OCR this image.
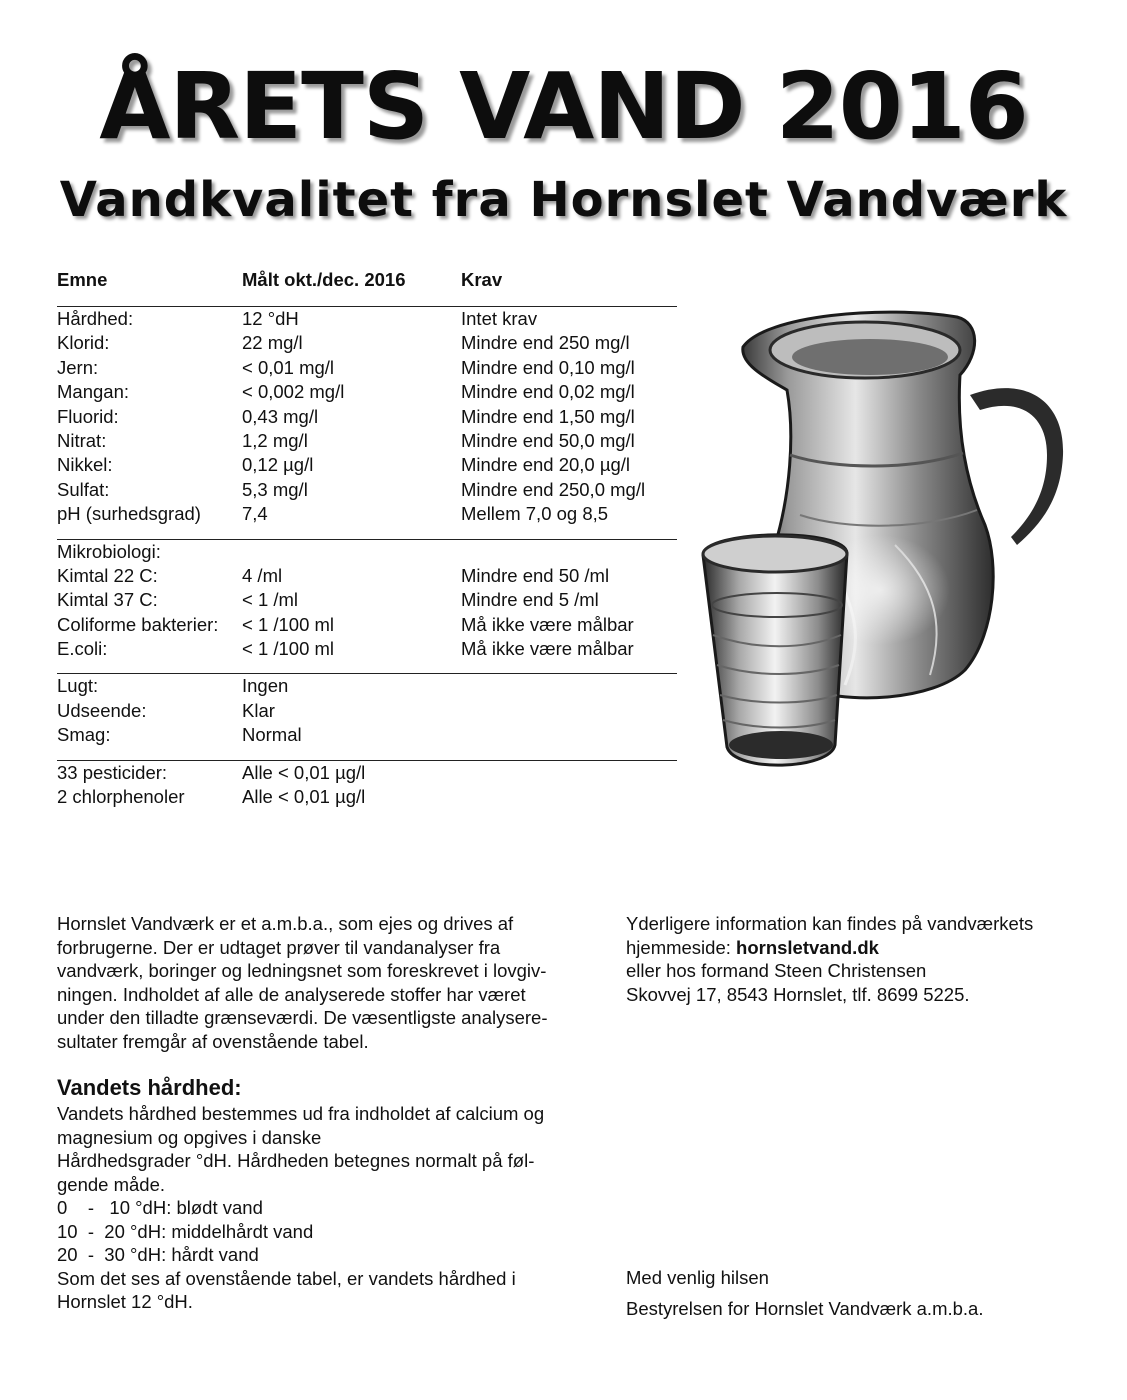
ÅRETS VAND 2016
Vandkvalitet fra Hornslet Vandværk
Emne	Målt okt./dec. 2016	Krav
Hårdhed:	12 °dH	Intet krav
Klorid:	22 mg/l	Mindre end 250 mg/l
Jern:	< 0,01 mg/l	Mindre end 0,10 mg/l
Mangan:	< 0,002 mg/l	Mindre end 0,02 mg/l
Fluorid:	0,43 mg/l	Mindre end 1,50 mg/l
Nitrat:	1,2 mg/l	Mindre end 50,0 mg/l
Nikkel:	0,12 µg/l	Mindre end 20,0 µg/l
Sulfat:	5,3 mg/l	Mindre end 250,0 mg/l
pH (surhedsgrad) 7,4	Mellem 7,0 og 8,5
Mikrobiologi:
Kimtal 22 C:	4 /ml	Mindre end 50 /ml
Kimtal 37 C:	< 1 /ml	Mindre end 5 /ml
Coliforme bakterier: < 1 /100 ml	Må ikke være målbar
E.coli:	< 1 /100 ml	Må ikke være målbar
Lugt:	Ingen
Udseende:	Klar
Smag:	Normal
33 pesticider:	Alle < 0,01 µg/l
2 chlorphenoler	Alle < 0,01 µg/l
Hornslet Vandværk er et a.m.b.a., som ejes og drives af
forbrugerne. Der er udtaget prøver til vandanalyser fra
vandværk, boringer og ledningsnet som foreskrevet i lovgiv-
ningen. Indholdet af alle de analyserede stoffer har været
under den tilladte grænseværdi. De væsentligste analysere-
sultater fremgår af ovenstående tabel.
Yderligere information kan findes på vandværkets
hjemmeside: hornsletvand.dk
eller hos formand Steen Christensen
Skovvej 17, 8543 Hornslet, tlf. 8699 5225.
Vandets hårdhed:
Vandets hårdhed bestemmes ud fra indholdet af calcium og
magnesium og opgives i danske
Hårdhedsgrader °dH. Hårdheden betegnes normalt på føl-
gende måde.
0    -   10 °dH: blødt vand
10  -  20 °dH: middelhårdt vand
20  -  30 °dH: hårdt vand
Som det ses af ovenstående tabel, er vandets hårdhed i
Hornslet 12 °dH.
Med venlig hilsen
Bestyrelsen for Hornslet Vandværk a.m.b.a.
